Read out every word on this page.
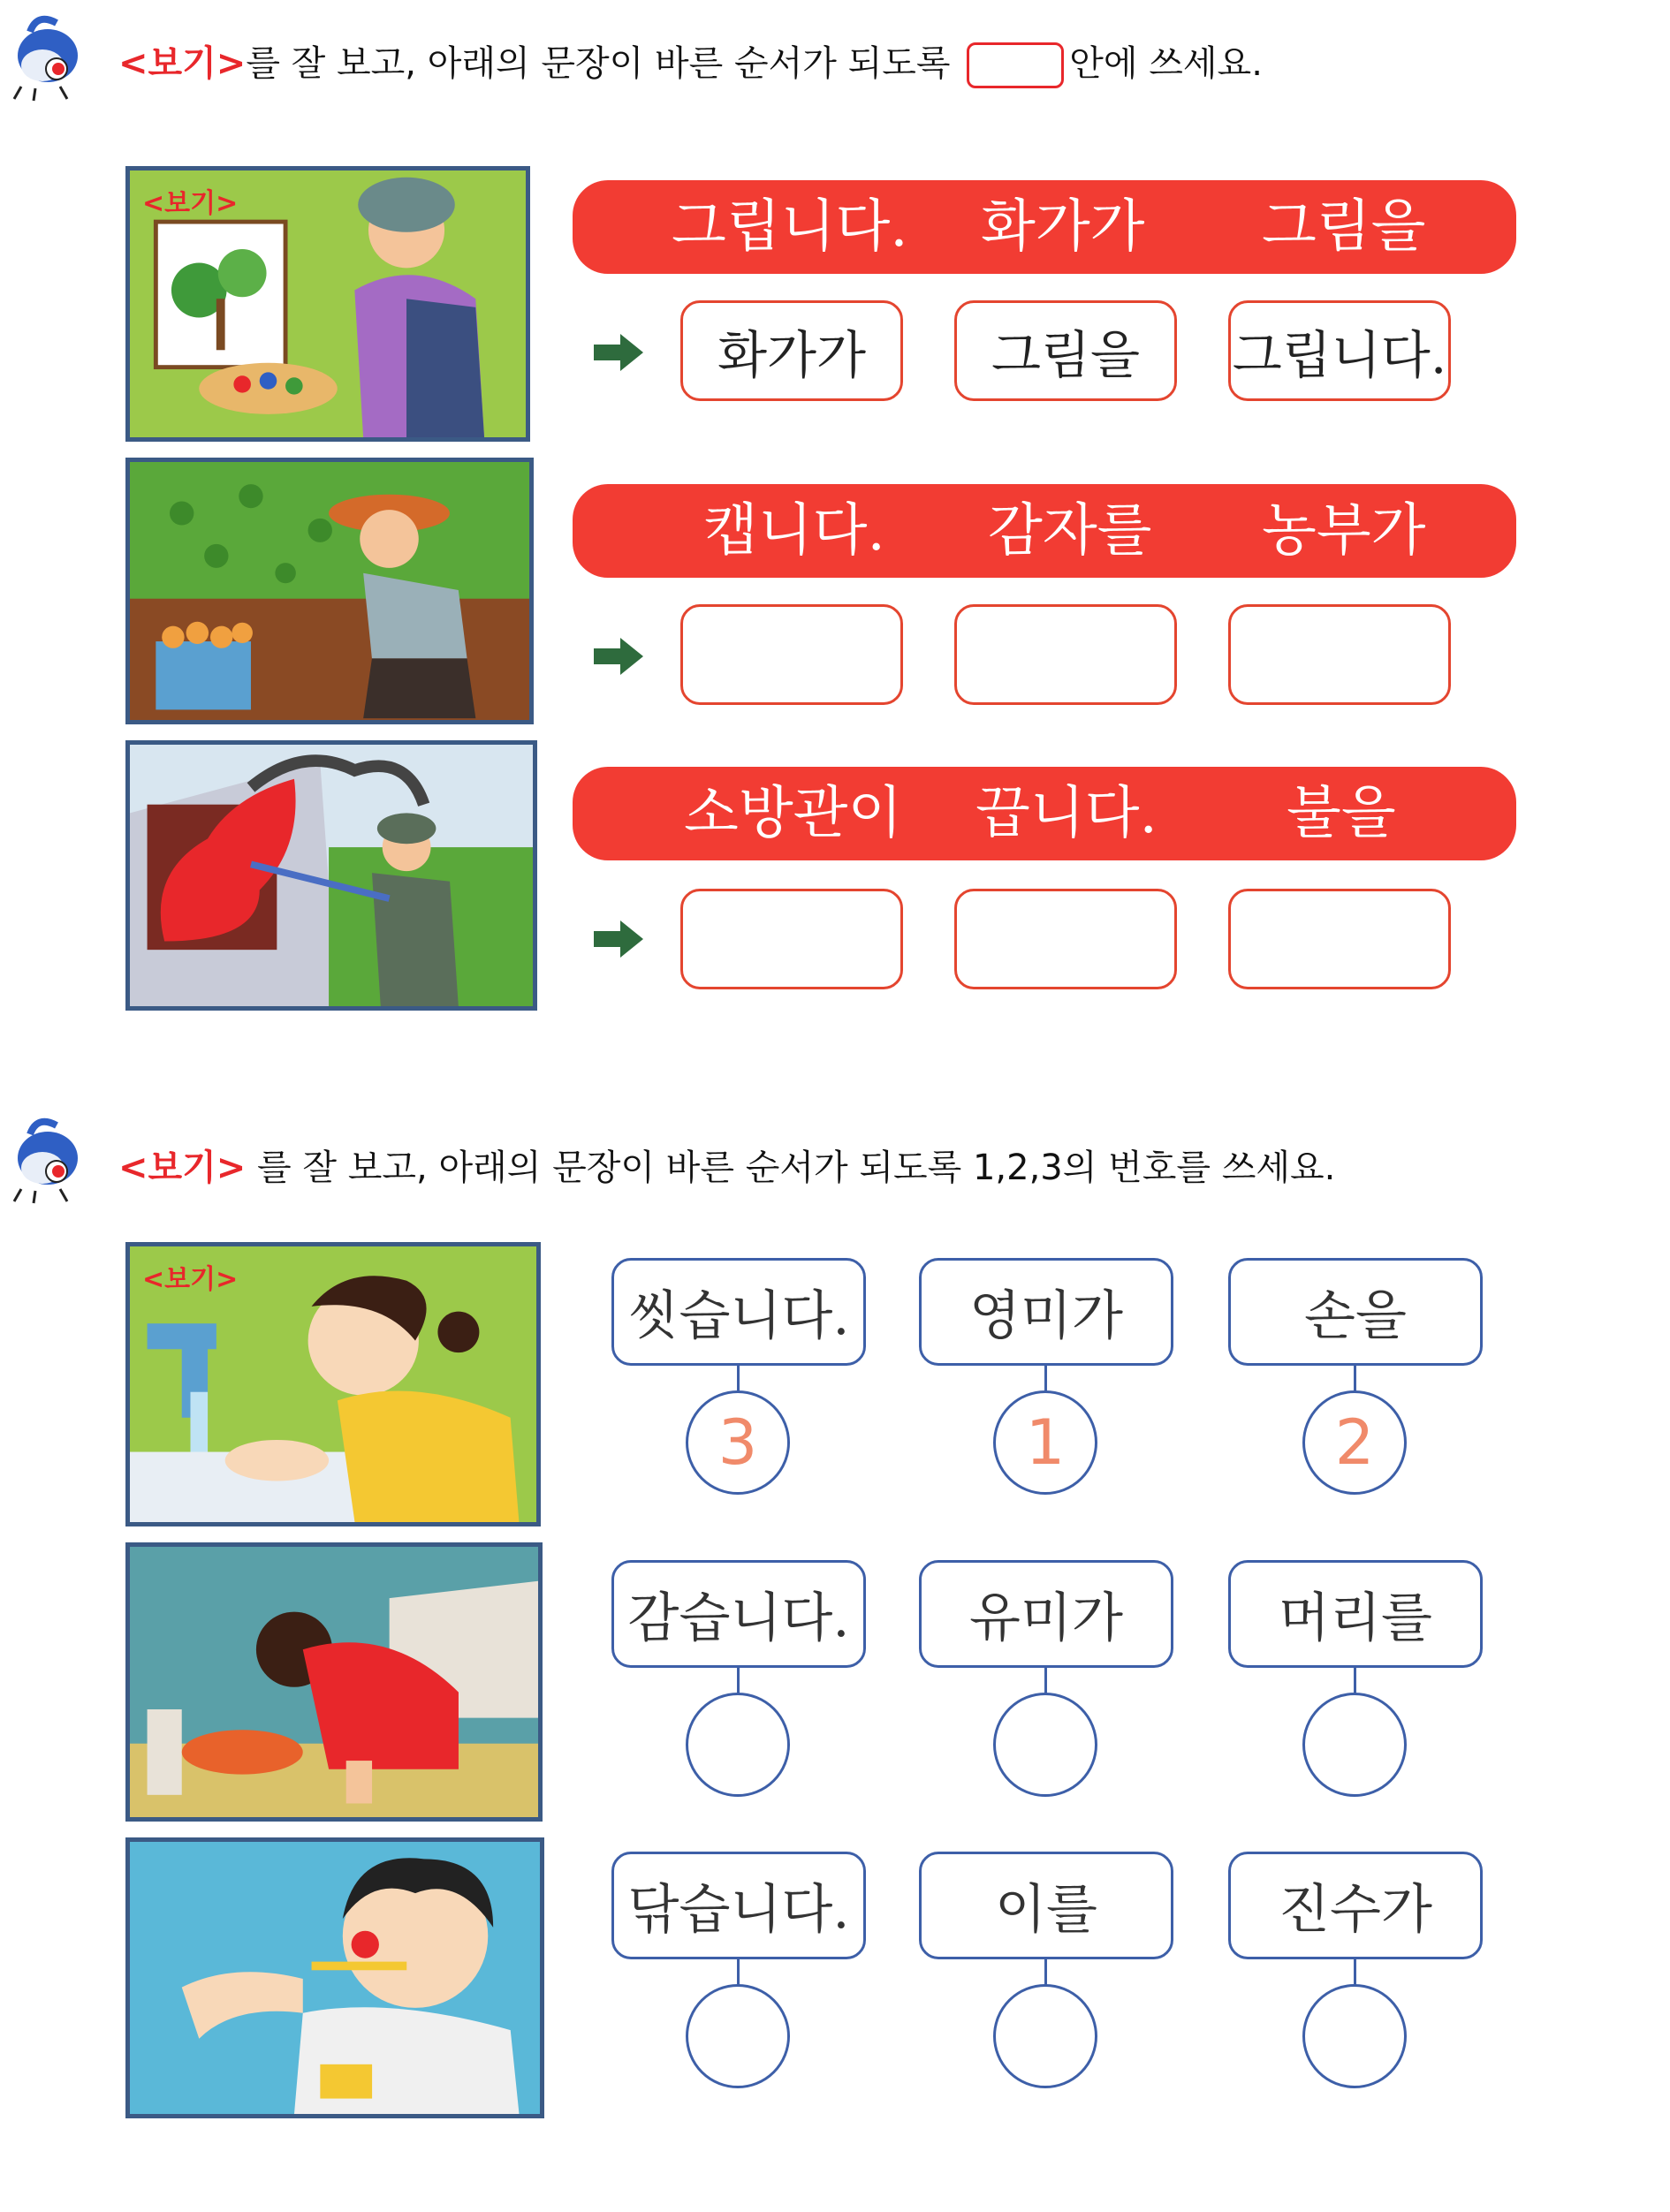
<보기>를 잘 보고, 아래의 문장이 바른 순서가 되도록	안에 쓰세요.
<보기>	그립니다. 화가가 그림을
화가가	그림을	그립니다.
캡니다. 감자를 농부가
소방관이 끕니다. 불을
<보기> 를 잘 보고, 아래의 문장이 바른 순서가 되도록 1,2,3의 번호를 쓰세요.
<보기>
씻습니다.	영미가	손을
3	1	2
감습니다.	유미가	머리를
닦습니다.	이를	진수가
